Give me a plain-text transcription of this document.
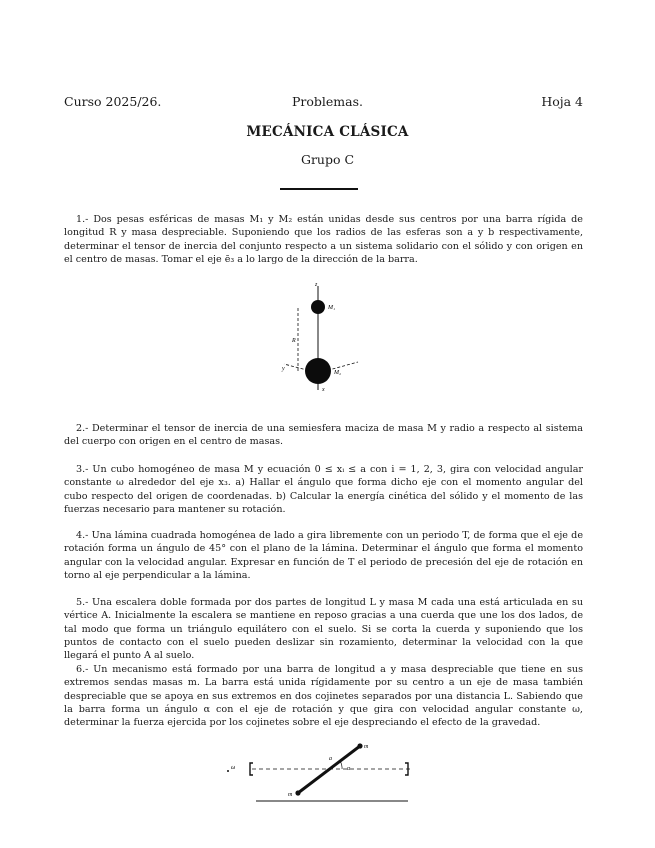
Curso 2025/26.	Problemas.	Hoja 4
MECÁNICA CLÁSICA
Grupo C

1.- Dos pesas esféricas de masas M₁ y M₂ están unidas desde sus centros por una barra rígida de longitud R y masa despreciable. Suponiendo que los radios de las esferas son a y b respectivamente, determinar el tensor de inercia del conjunto respecto a un sistema solidario con el sólido y con origen en el centro de masas. Tomar el eje ē₃ a lo largo de la dirección de la barra.

z
M₁
M₂
R
y
x

2.- Determinar el tensor de inercia de una semiesfera maciza de masa M y radio a respecto al sistema del cuerpo con origen en el centro de masas.

3.- Un cubo homogéneo de masa M y ecuación 0 ≤ xᵢ ≤ a con i = 1, 2, 3, gira con velocidad angular constante ω alrededor del eje x₃. a) Hallar el ángulo que forma dicho eje con el momento angular del cubo respecto del origen de coordenadas. b) Calcular la energía cinética del sólido y el momento de las fuerzas necesario para mantener su rotación.

4.- Una lámina cuadrada homogénea de lado a gira libremente con un periodo T, de forma que el eje de rotación forma un ángulo de 45° con el plano de la lámina. Determinar el ángulo que forma el momento angular con la velocidad angular. Expresar en función de T el periodo de precesión del eje de rotación en torno al eje perpendicular a la lámina.

5.- Una escalera doble formada por dos partes de longitud L y masa M cada una está articulada en su vértice A. Inicialmente la escalera se mantiene en reposo gracias a una cuerda que une los dos lados, de tal modo que forma un triángulo equilátero con el suelo. Si se corta la cuerda y suponiendo que los puntos de contacto con el suelo pueden deslizar sin rozamiento, determinar la velocidad con la que llegará el punto A al suelo.

6.- Un mecanismo está formado por una barra de longitud a y masa despreciable que tiene en sus extremos sendas masas m. La barra está unida rígidamente por su centro a un eje de masa también despreciable que se apoya en sus extremos en dos cojinetes separados por una distancia L. Sabiendo que la barra forma un ángulo α con el eje de rotación y que gira con velocidad angular constante ω, determinar la fuerza ejercida por los cojinetes sobre el eje despreciando el efecto de la gravedad.

ω
m
m
a
α
